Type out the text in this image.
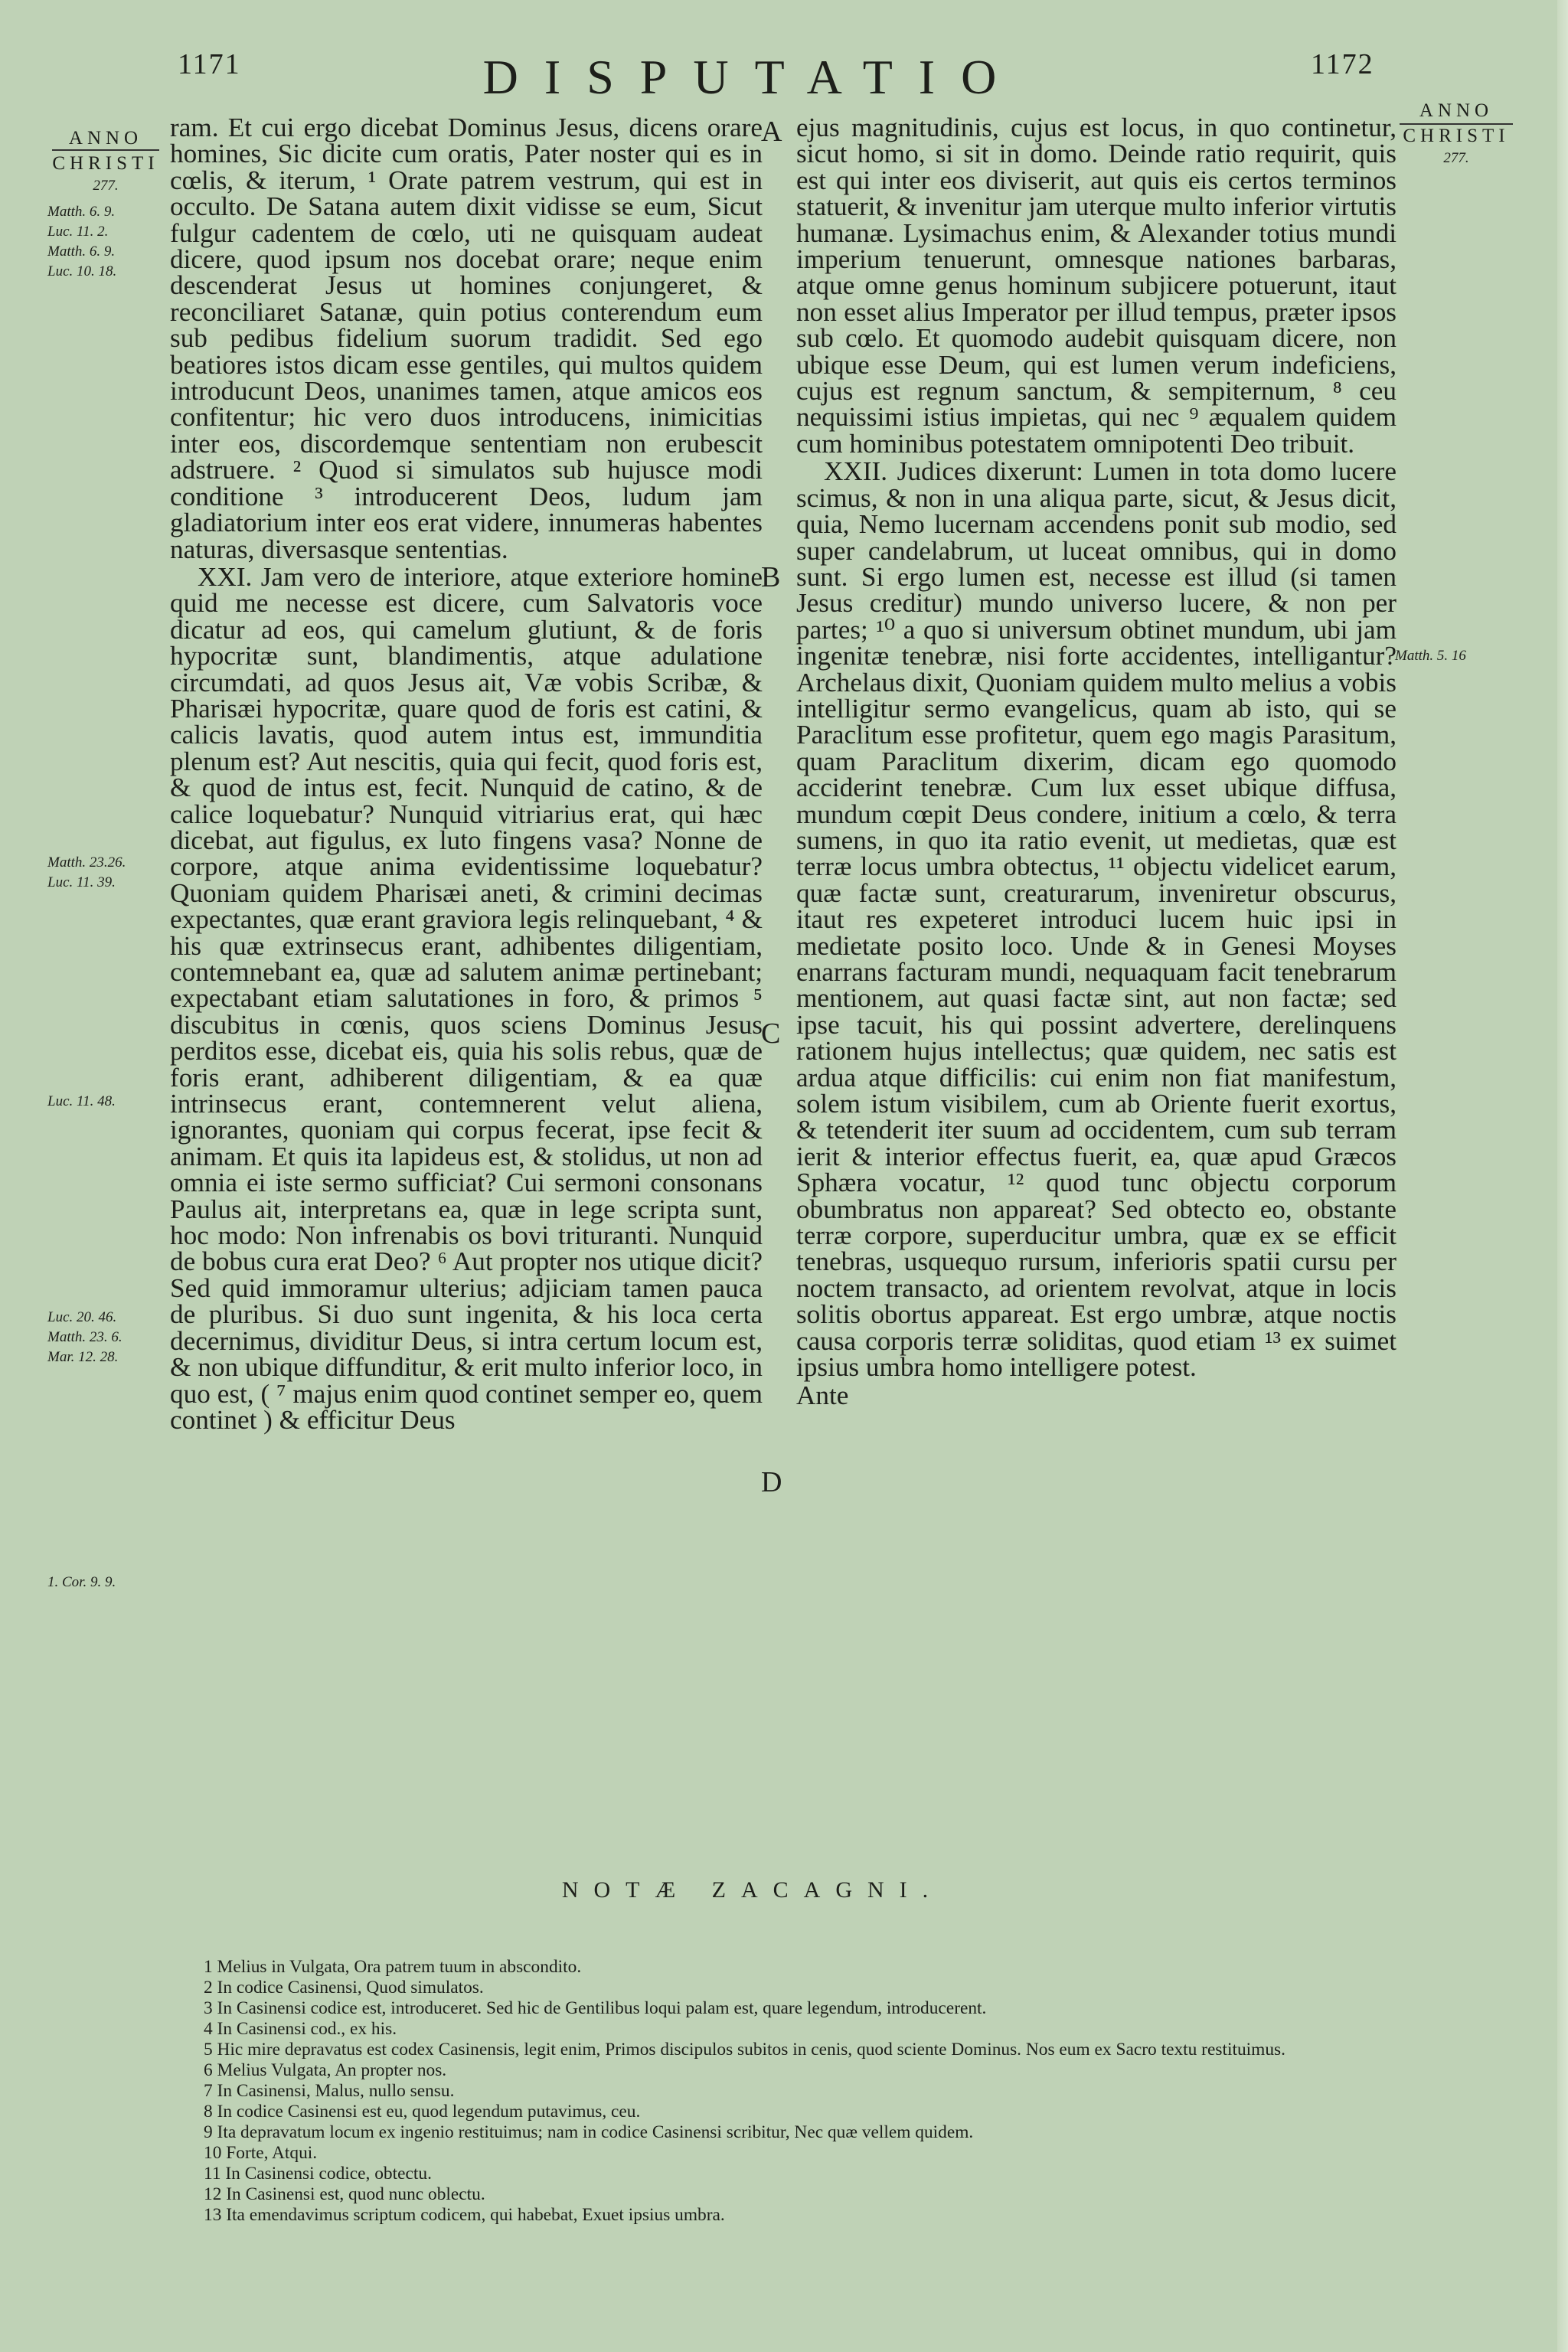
1171	DISPUTATIO	1172
ANNO
CHRISTI
277.
ANNO
CHRISTI
277.

ram. Et cui ergo dicebat Dominus Jesus, dicens orare homines, Sic dicite cum oratis, Pater noster qui es in cœlis, & iterum, ¹ Orate patrem vestrum, qui est in occulto. De Satana autem dixit vidisse se eum, Sicut fulgur cadentem de cœlo, uti ne quisquam audeat dicere, quod ipsum nos docebat orare; neque enim descenderat Jesus ut homines conjungeret, & reconciliaret Satanæ, quin potius conterendum eum sub pedibus fidelium suorum tradidit. Sed ego beatiores istos dicam esse gentiles, qui multos quidem introducunt Deos, unanimes tamen, atque amicos eos confitentur; hic vero duos introducens, inimicitias inter eos, discordemque sententiam non erubescit adstruere. ² Quod si simulatos sub hujusce modi conditione ³ introducerent Deos, ludum jam gladiatorium inter eos erat videre, innumeras habentes naturas, diversasque sententias.

XXI. Jam vero de interiore, atque exteriore homine quid me necesse est dicere, cum Salvatoris voce dicatur ad eos, qui camelum glutiunt, & de foris hypocritæ sunt, blandimentis, atque adulatione circumdati, ad quos Jesus ait, Væ vobis Scribæ, & Pharisæi hypocritæ, quare quod de foris est catini, & calicis lavatis, quod autem intus est, immunditia plenum est? Aut nescitis, quia qui fecit, quod foris est, & quod de intus est, fecit. Nunquid de catino, & de calice loquebatur? Nunquid vitriarius erat, qui hæc dicebat, aut figulus, ex luto fingens vasa? Nonne de corpore, atque anima evidentissime loquebatur? Quoniam quidem Pharisæi aneti, & crimini decimas expectantes, quæ erant graviora legis relinquebant, ⁴ & his quæ extrinsecus erant, adhibentes diligentiam, contemnebant ea, quæ ad salutem animæ pertinebant; expectabant etiam salutationes in foro, & primos ⁵ discubitus in cœnis, quos sciens Dominus Jesus perditos esse, dicebat eis, quia his solis rebus, quæ de foris erant, adhiberent diligentiam, & ea quæ intrinsecus erant, contemnerent velut aliena, ignorantes, quoniam qui corpus fecerat, ipse fecit & animam. Et quis ita lapideus est, & stolidus, ut non ad omnia ei iste sermo sufficiat? Cui sermoni consonans Paulus ait, interpretans ea, quæ in lege scripta sunt, hoc modo: Non infrenabis os bovi trituranti. Nunquid de bobus cura erat Deo? ⁶ Aut propter nos utique dicit? Sed quid immoramur ulterius; adjiciam tamen pauca de pluribus. Si duo sunt ingenita, & his loca certa decernimus, dividitur Deus, si intra certum locum est, & non ubique diffunditur, & erit multo inferior loco, in quo est, ( ⁷ majus enim quod continet semper eo, quem continet ) & efficitur Deus

ejus magnitudinis, cujus est locus, in quo continetur, sicut homo, si sit in domo. Deinde ratio requirit, quis est qui inter eos diviserit, aut quis eis certos terminos statuerit, & invenitur jam uterque multo inferior virtutis humanæ. Lysimachus enim, & Alexander totius mundi imperium tenuerunt, omnesque nationes barbaras, atque omne genus hominum subjicere potuerunt, itaut non esset alius Imperator per illud tempus, præter ipsos sub cœlo. Et quomodo audebit quisquam dicere, non ubique esse Deum, qui est lumen verum indeficiens, cujus est regnum sanctum, & sempiternum, ⁸ ceu nequissimi istius impietas, qui nec ⁹ æqualem quidem cum hominibus potestatem omnipotenti Deo tribuit.

XXII. Judices dixerunt: Lumen in tota domo lucere scimus, & non in una aliqua parte, sicut, & Jesus dicit, quia, Nemo lucernam accendens ponit sub modio, sed super candelabrum, ut luceat omnibus, qui in domo sunt. Si ergo lumen est, necesse est illud (si tamen Jesus creditur) mundo universo lucere, & non per partes; ¹⁰ a quo si universum obtinet mundum, ubi jam ingenitæ tenebræ, nisi forte accidentes, intelligantur? Archelaus dixit, Quoniam quidem multo melius a vobis intelligitur sermo evangelicus, quam ab isto, qui se Paraclitum esse profitetur, quem ego magis Parasitum, quam Paraclitum dixerim, dicam ego quomodo acciderint tenebræ. Cum lux esset ubique diffusa, mundum cœpit Deus condere, initium a cœlo, & terra sumens, in quo ita ratio evenit, ut medietas, quæ est terræ locus umbra obtectus, ¹¹ objectu videlicet earum, quæ factæ sunt, creaturarum, inveniretur obscurus, itaut res expeteret introduci lucem huic ipsi in medietate posito loco. Unde & in Genesi Moyses enarrans facturam mundi, nequaquam facit tenebrarum mentionem, aut quasi factæ sint, aut non factæ; sed ipse tacuit, his qui possint advertere, derelinquens rationem hujus intellectus; quæ quidem, nec satis est ardua atque difficilis: cui enim non fiat manifestum, solem istum visibilem, cum ab Oriente fuerit exortus, & tetenderit iter suum ad occidentem, cum sub terram ierit & interior effectus fuerit, ea, quæ apud Græcos Sphæra vocatur, ¹² quod tunc objectu corporum obumbratus non appareat? Sed obtecto eo, obstante terræ corpore, superducitur umbra, quæ ex se efficit tenebras, usquequo rursum, inferioris spatii cursu per noctem transacto, ad orientem revolvat, atque in locis solitis obortus appareat. Est ergo umbræ, atque noctis causa corporis terræ soliditas, quod etiam ¹³ ex suimet ipsius umbra homo intelligere potest.

Ante

Matth. 6. 9.
Luc. 11. 2.
Matth. 6. 9.
Luc. 10. 18.
Matth. 23.26.
Luc. 11. 39.
Luc. 11. 48.
Luc. 20. 46.
Matth. 23. 6.
Mar. 12. 28.
1. Cor. 9. 9.
Matth. 5. 16
A
B
C
D
NOTÆ ZACAGNI.
1 Melius in Vulgata, Ora patrem tuum in abscondito.
2 In codice Casinensi, Quod simulatos.
3 In Casinensi codice est, introduceret. Sed hic de Gentilibus loqui palam est, quare legendum, introducerent.
4 In Casinensi cod., ex his.
5 Hic mire depravatus est codex Casinensis, legit enim, Primos discipulos subitos in cenis, quod sciente Dominus. Nos eum ex Sacro textu restituimus.
6 Melius Vulgata, An propter nos.
7 In Casinensi, Malus, nullo sensu.
8 In codice Casinensi est eu, quod legendum putavimus, ceu.
9 Ita depravatum locum ex ingenio restituimus; nam in codice Casinensi scribitur, Nec quæ vellem quidem.
10 Forte, Atqui.
11 In Casinensi codice, obtectu.
12 In Casinensi est, quod nunc oblectu.
13 Ita emendavimus scriptum codicem, qui habebat, Exuet ipsius umbra.
